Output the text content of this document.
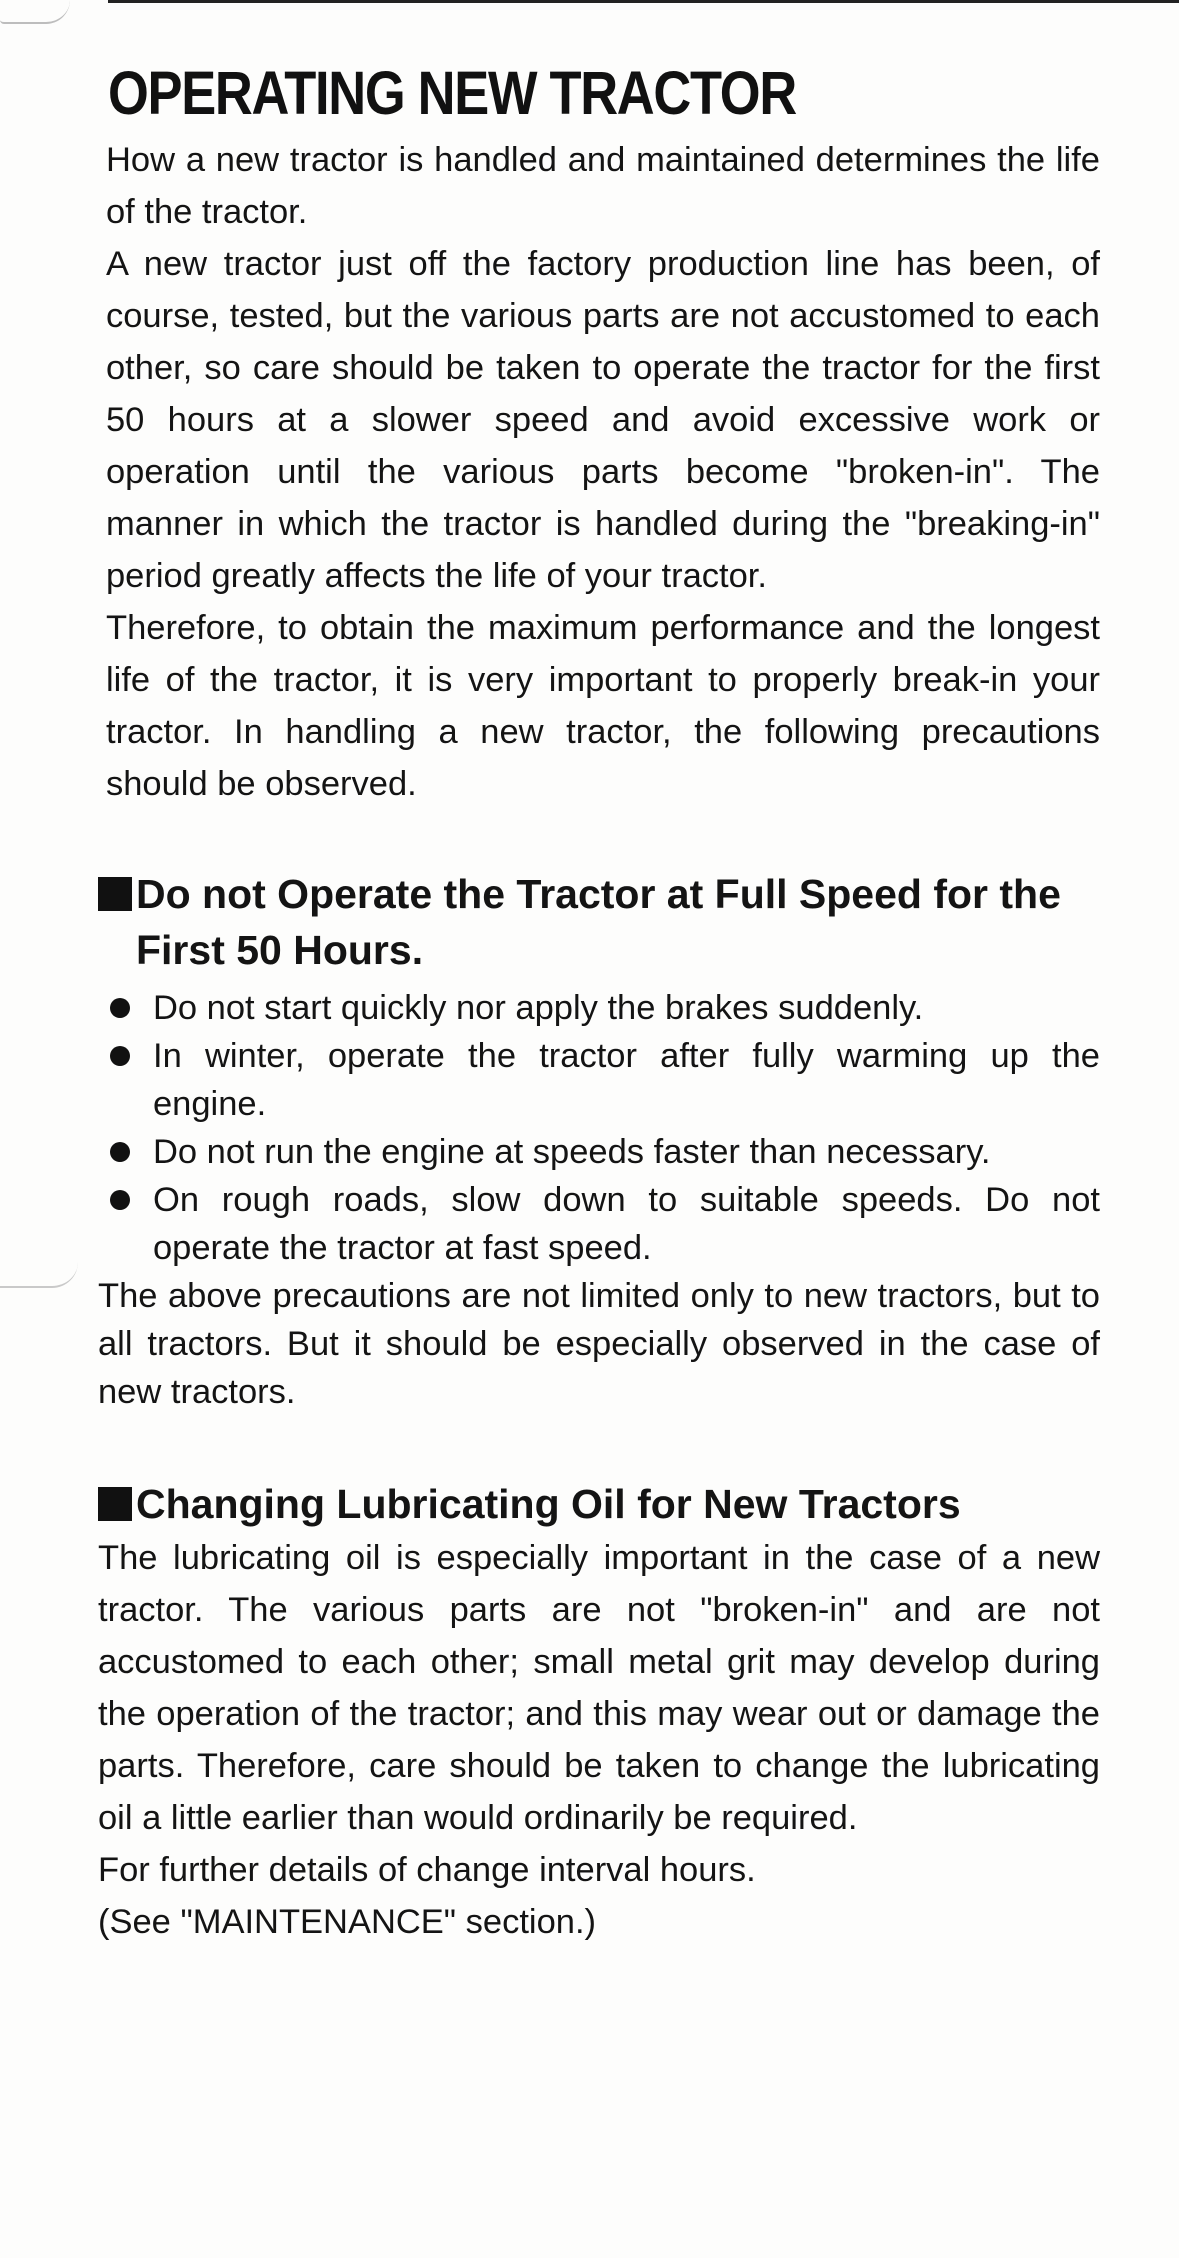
OPERATING NEW TRACTOR

How a new tractor is handled and maintained determines the life of the tractor.

A new tractor just off the factory production line has been, of course, tested, but the various parts are not accustomed to each other, so care should be taken to operate the tractor for the first 50 hours at a slower speed and avoid excessive work or operation until the various parts become "broken-in". The manner in which the tractor is handled during the "breaking-in" period greatly affects the life of your tractor.

Therefore, to obtain the maximum performance and the longest life of the tractor, it is very important to properly break-in your tractor. In handling a new tractor, the following precautions should be observed.

Do not Operate the Tractor at Full Speed for the First 50 Hours.
Do not start quickly nor apply the brakes suddenly.
In winter, operate the tractor after fully warming up the engine.
Do not run the engine at speeds faster than necessary.
On rough roads, slow down to suitable speeds. Do not operate the tractor at fast speed.

The above precautions are not limited only to new tractors, but to all tractors. But it should be especially observed in the case of new tractors.

Changing Lubricating Oil for New Tractors

The lubricating oil is especially important in the case of a new tractor. The various parts are not "broken-in" and are not accustomed to each other; small metal grit may develop during the operation of the tractor; and this may wear out or damage the parts. Therefore, care should be taken to change the lubricating oil a little earlier than would ordinarily be required.

For further details of change interval hours.

(See "MAINTENANCE" section.)
